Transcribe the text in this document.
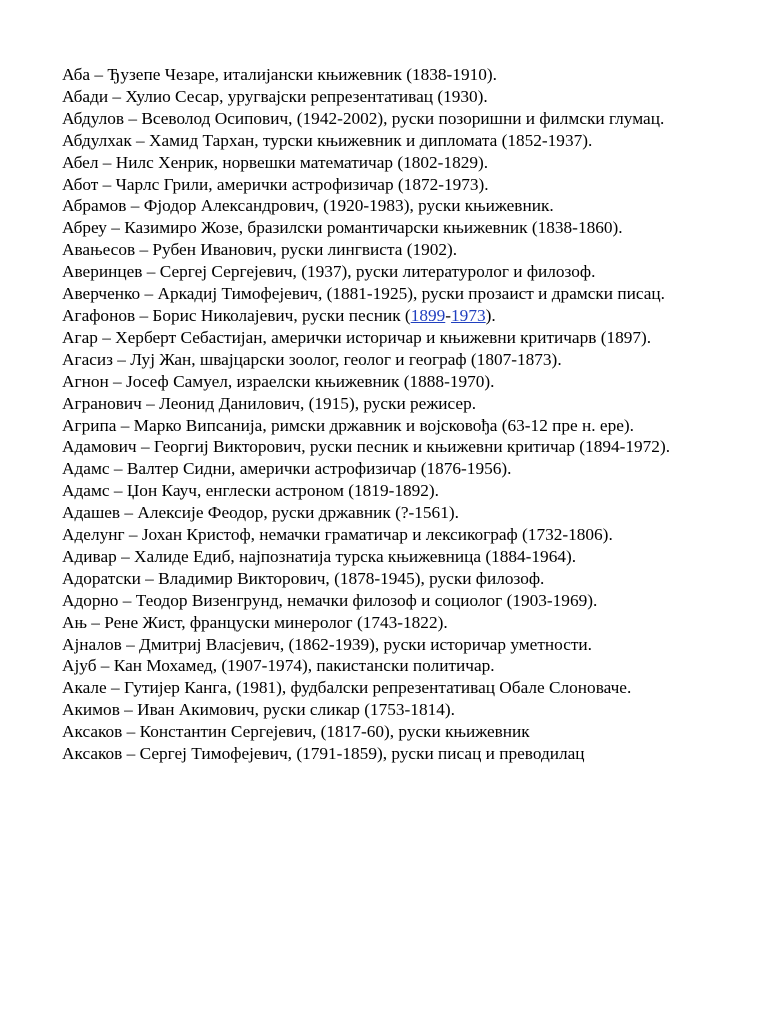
Аба – Ђузепе Чезаре, италијански књижевник (1838-1910).

Абади – Хулио Сесар, уругвајски репрезентативац (1930).

Абдулов – Всеволод Осипович, (1942-2002), руски позоришни и филмски глумац.

Абдулхак – Хамид Тархан, турски књижевник и дипломата (1852-1937).

Абел – Нилс Хенрик, норвешки математичар (1802-1829).

Абот – Чарлс Грили, амерички астрофизичар (1872-1973).

Абрамов – Фјодор Александрович, (1920-1983), руски књижевник.

Абреу – Казимиро Жозе, бразилски романтичарски књижевник (1838-1860).

Авањесов – Рубен Иванович, руски лингвиста (1902).

Аверинцев – Сергеј Сергејевич, (1937), руски литературолог и филозоф.

Аверченко – Аркадиј Тимофејевич, (1881-1925), руски прозаист и драмски писац.

Агафонов – Борис Николајевич, руски песник (1899-1973).

Агар – Херберт Себастијан, амерички историчар и књижевни критичарв (1897).

Агасиз – Луј Жан, швајцарски зоолог, геолог и географ (1807-1873).

Агнон – Јосеф Самуел, израелски књижевник (1888-1970).

Агранович – Леонид Данилович, (1915), руски режисер.

Агрипа – Марко Випсанија, римски државник и војсковођа (63-12 пре н. ере).

Адамович – Георгиј Викторович, руски песник и књижевни критичар (1894-1972).

Адамс – Валтер Сидни, амерички астрофизичар (1876-1956).

Адамс – Џон Кауч, енглески астроном (1819-1892).

Адашев – Алексије Феодор, руски државник (?-1561).

Аделунг – Јохан Кристоф, немачки граматичар и лексикограф (1732-1806).

Адивар – Халиде Едиб, најпознатија турска књижевница (1884-1964).

Адоратски – Владимир Викторович, (1878-1945), руски филозоф.

Адорно – Теодор Визенгрунд, немачки филозоф и социолог (1903-1969).

Ањ – Рене Жист, француски минеролог (1743-1822).

Ајналов – Дмитриј Власјевич, (1862-1939), руски историчар уметности.

Ајуб – Кан Мохамед, (1907-1974), пакистански политичар.

Акале – Гутијер Канга, (1981), фудбалски репрезентативац Обале Слоноваче.

Акимов – Иван Акимович, руски сликар (1753-1814).

Аксаков – Константин Сергејевич, (1817-60), руски књижевник

Аксаков – Сергеј Тимофејевич, (1791-1859), руски писац и преводилац
